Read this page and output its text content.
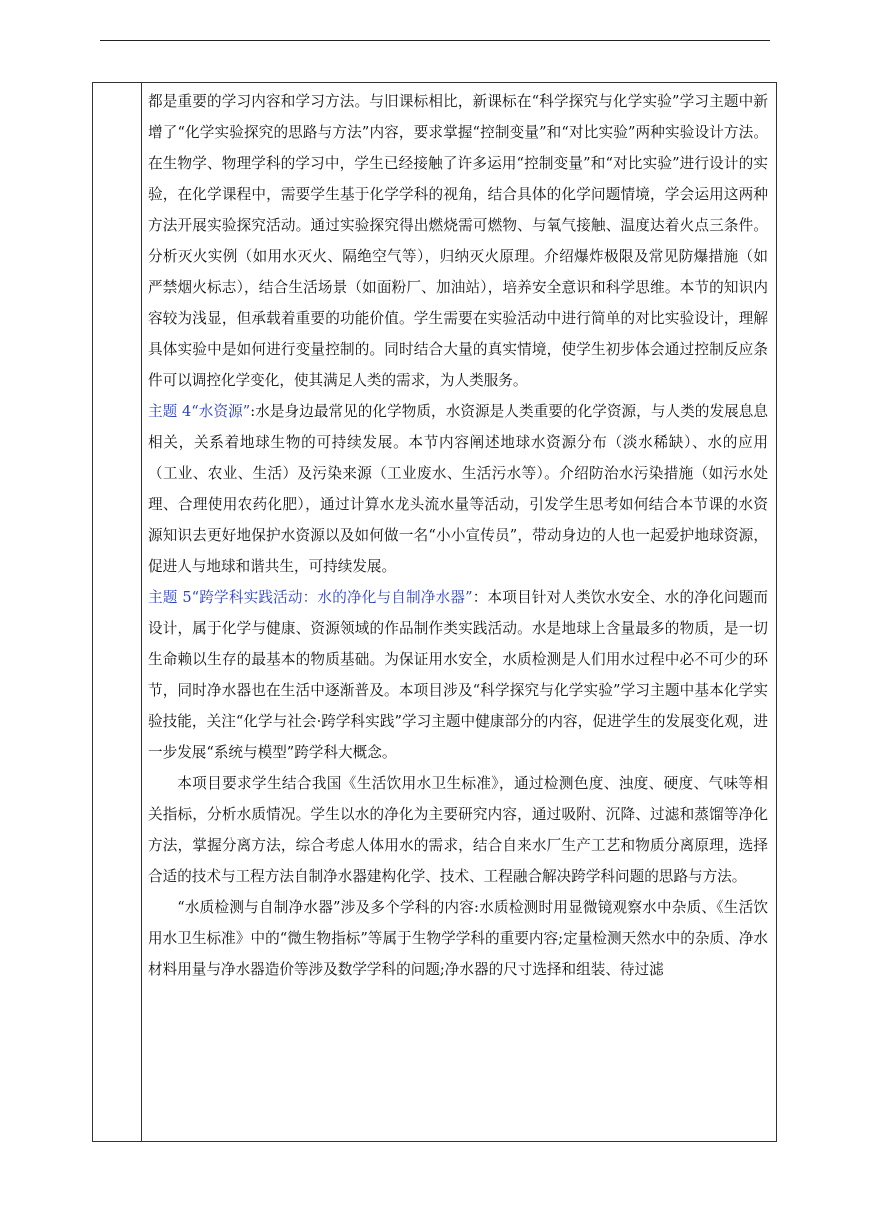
都是重要的学习内容和学习方法。与旧课标相比，新课标在“科学探究与化学实验”学习主题中新增了“化学实验探究的思路与方法”内容，要求掌握“控制变量”和“对比实验”两种实验设计方法。在生物学、物理学科的学习中，学生已经接触了许多运用“控制变量”和“对比实验”进行设计的实验，在化学课程中，需要学生基于化学学科的视角，结合具体的化学问题情境，学会运用这两种方法开展实验探究活动。通过实验探究得出燃烧需可燃物、与氧气接触、温度达着火点三条件。分析灭火实例（如用水灭火、隔绝空气等），归纳灭火原理。介绍爆炸极限及常见防爆措施（如严禁烟火标志），结合生活场景（如面粉厂、加油站），培养安全意识和科学思维。本节的知识内容较为浅显，但承载着重要的功能价值。学生需要在实验活动中进行简单的对比实验设计，理解具体实验中是如何进行变量控制的。同时结合大量的真实情境，使学生初步体会通过控制反应条件可以调控化学变化，使其满足人类的需求，为人类服务。

主题 4“水资源”:水是身边最常见的化学物质，水资源是人类重要的化学资源，与人类的发展息息相关，关系着地球生物的可持续发展。本节内容阐述地球水资源分布（淡水稀缺）、水的应用（工业、农业、生活）及污染来源（工业废水、生活污水等）。介绍防治水污染措施（如污水处理、合理使用农药化肥），通过计算水龙头流水量等活动，引发学生思考如何结合本节课的水资源知识去更好地保护水资源以及如何做一名“小小宣传员”，带动身边的人也一起爱护地球资源，促进人与地球和谐共生，可持续发展。

主题 5“跨学科实践活动：水的净化与自制净水器”：本项目针对人类饮水安全、水的净化问题而设计，属于化学与健康、资源领域的作品制作类实践活动。水是地球上含量最多的物质，是一切生命赖以生存的最基本的物质基础。为保证用水安全，水质检测是人们用水过程中必不可少的环节，同时净水器也在生活中逐渐普及。本项目涉及“科学探究与化学实验”学习主题中基本化学实验技能，关注“化学与社会·跨学科实践”学习主题中健康部分的内容，促进学生的发展变化观，进一步发展“系统与模型”跨学科大概念。

本项目要求学生结合我国《生活饮用水卫生标准》，通过检测色度、浊度、硬度、气味等相关指标，分析水质情况。学生以水的净化为主要研究内容，通过吸附、沉降、过滤和蒸馏等净化方法，掌握分离方法，综合考虑人体用水的需求，结合自来水厂生产工艺和物质分离原理，选择合适的技术与工程方法自制净水器建构化学、技术、工程融合解决跨学科问题的思路与方法。

“水质检测与自制净水器”涉及多个学科的内容:水质检测时用显微镜观察水中杂质、《生活饮用水卫生标准》中的“微生物指标”等属于生物学学科的重要内容;定量检测天然水中的杂质、净水材料用量与净水器造价等涉及数学学科的问题;净水器的尺寸选择和组装、待过滤
